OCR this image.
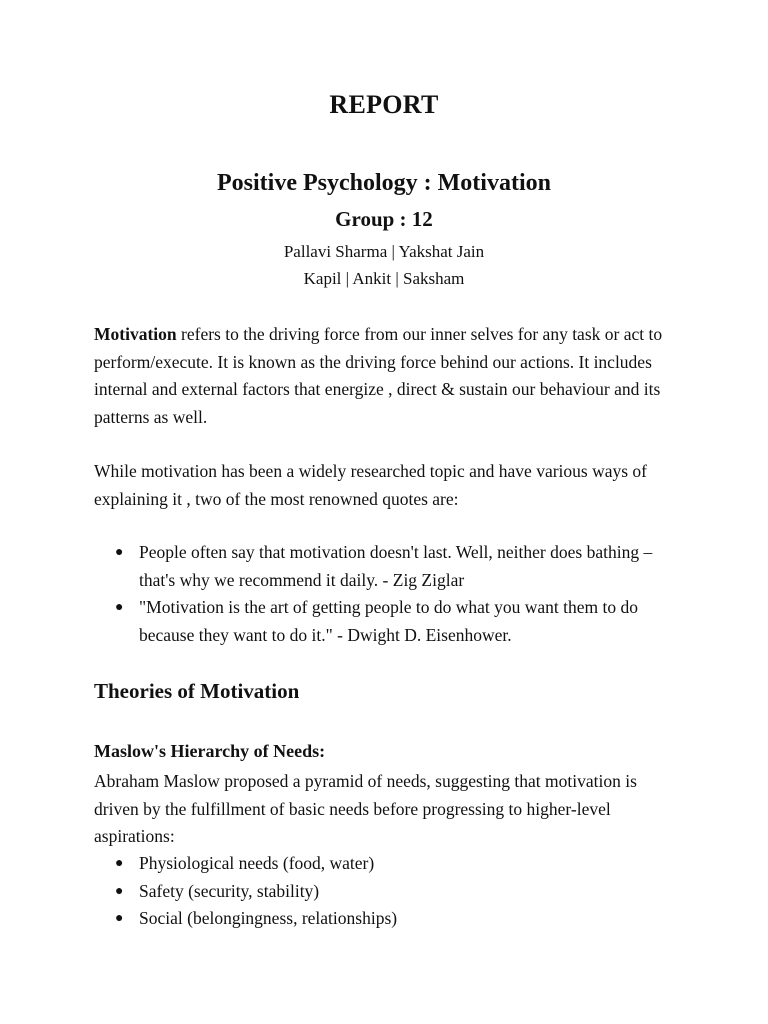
REPORT
Positive Psychology : Motivation
Group : 12

Pallavi Sharma | Yakshat Jain

Kapil | Ankit | Saksham

Motivation refers to the driving force from our inner selves for any task or act to perform/execute. It is known as the driving force behind our actions. It includes internal and external factors that energize , direct & sustain our behaviour and its patterns as well.

While motivation has been a widely researched topic and have various ways of explaining it , two of the most renowned quotes are:

● People often say that motivation doesn't last. Well, neither does bathing –that's why we recommend it daily. - Zig Ziglar
● "Motivation is the art of getting people to do what you want them to do because they want to do it." - Dwight D. Eisenhower.
Theories of Motivation
Maslow's Hierarchy of Needs:

Abraham Maslow proposed a pyramid of needs, suggesting that motivation is driven by the fulfillment of basic needs before progressing to higher-level aspirations:

● Physiological needs (food, water)
● Safety (security, stability)
● Social (belongingness, relationships)
